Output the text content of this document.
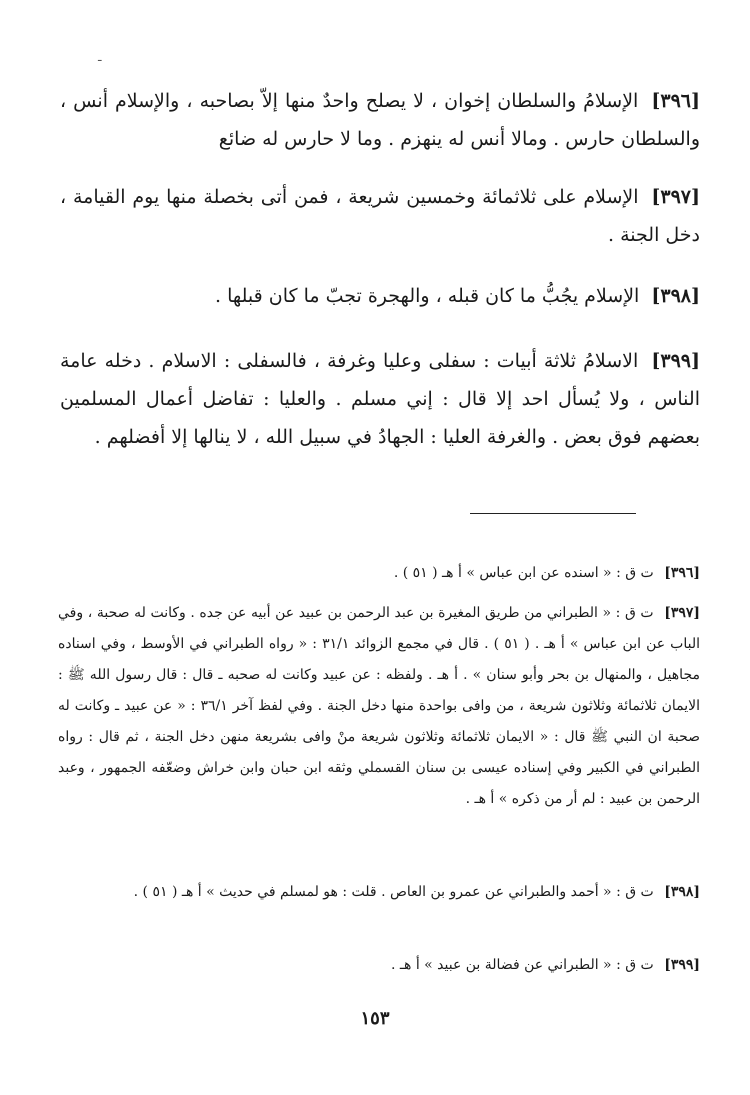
ـ
[٣٩٦] الإسلامُ والسلطان إخوان ، لا يصلح واحدٌ منها إلاّ بصاحبه ، والإسلام أنس ، والسلطان حارس . ومالا أنس له ينهزم . وما لا حارس له ضائع
[٣٩٧] الإسلام على ثلاثمائة وخمسين شريعة ، فمن أتى بخصلة منها يوم القيامة ، دخل الجنة .
[٣٩٨] الإسلام يجُبُّ ما كان قبله ، والهجرة تجبّ ما كان قبلها .
[٣٩٩] الاسلامُ ثلاثة أبيات : سفلى وعليا وغرفة ، فالسفلى : الاسلام . دخله عامة الناس ، ولا يُسأل احد إلا قال : إني مسلم . والعليا : تفاضل أعمال المسلمين بعضهم فوق بعض . والغرفة العليا : الجهادُ في سبيل الله ، لا ينالها إلا أفضلهم .
[٣٩٦] ت ق : « اسنده عن ابن عباس » أ هـ ( ٥١ ) .
[٣٩٧] ت ق : « الطبراني من طريق المغيرة بن عبد الرحمن بن عبيد عن أبيه عن جده . وكانت له صحبة ، وفي الباب عن ابن عباس » أ هـ . ( ٥١ ) . قال في مجمع الزوائد ٣١/١ : « رواه الطبراني في الأوسط ، وفي اسناده مجاهيل ، والمنهال بن بحر وأبو سنان » . أ هـ . ولفظه : عن عبيد وكانت له صحبه ـ قال : قال رسول الله ﷺ : الايمان ثلاثمائة وثلاثون شريعة ، من وافى بواحدة منها دخل الجنة . وفي لفظ آخر ٣٦/١ : « عن عبيد ـ وكانت له صحبة ان النبي ﷺ قال : « الايمان ثلاثمائة وثلاثون شريعة منْ وافى بشريعة منهن دخل الجنة ، ثم قال : رواه الطبراني في الكبير وفي إسناده عيسى بن سنان القسملي وثقه ابن حبان وابن خراش وضعّفه الجمهور ، وعبد الرحمن بن عبيد : لم أر من ذكره » أ هـ .
[٣٩٨] ت ق : « أحمد والطبراني عن عمرو بن العاص . قلت : هو لمسلم في حديث » أ هـ ( ٥١ ) .
[٣٩٩] ت ق : « الطبراني عن فضالة بن عبيد » أ هـ .
١٥٣
